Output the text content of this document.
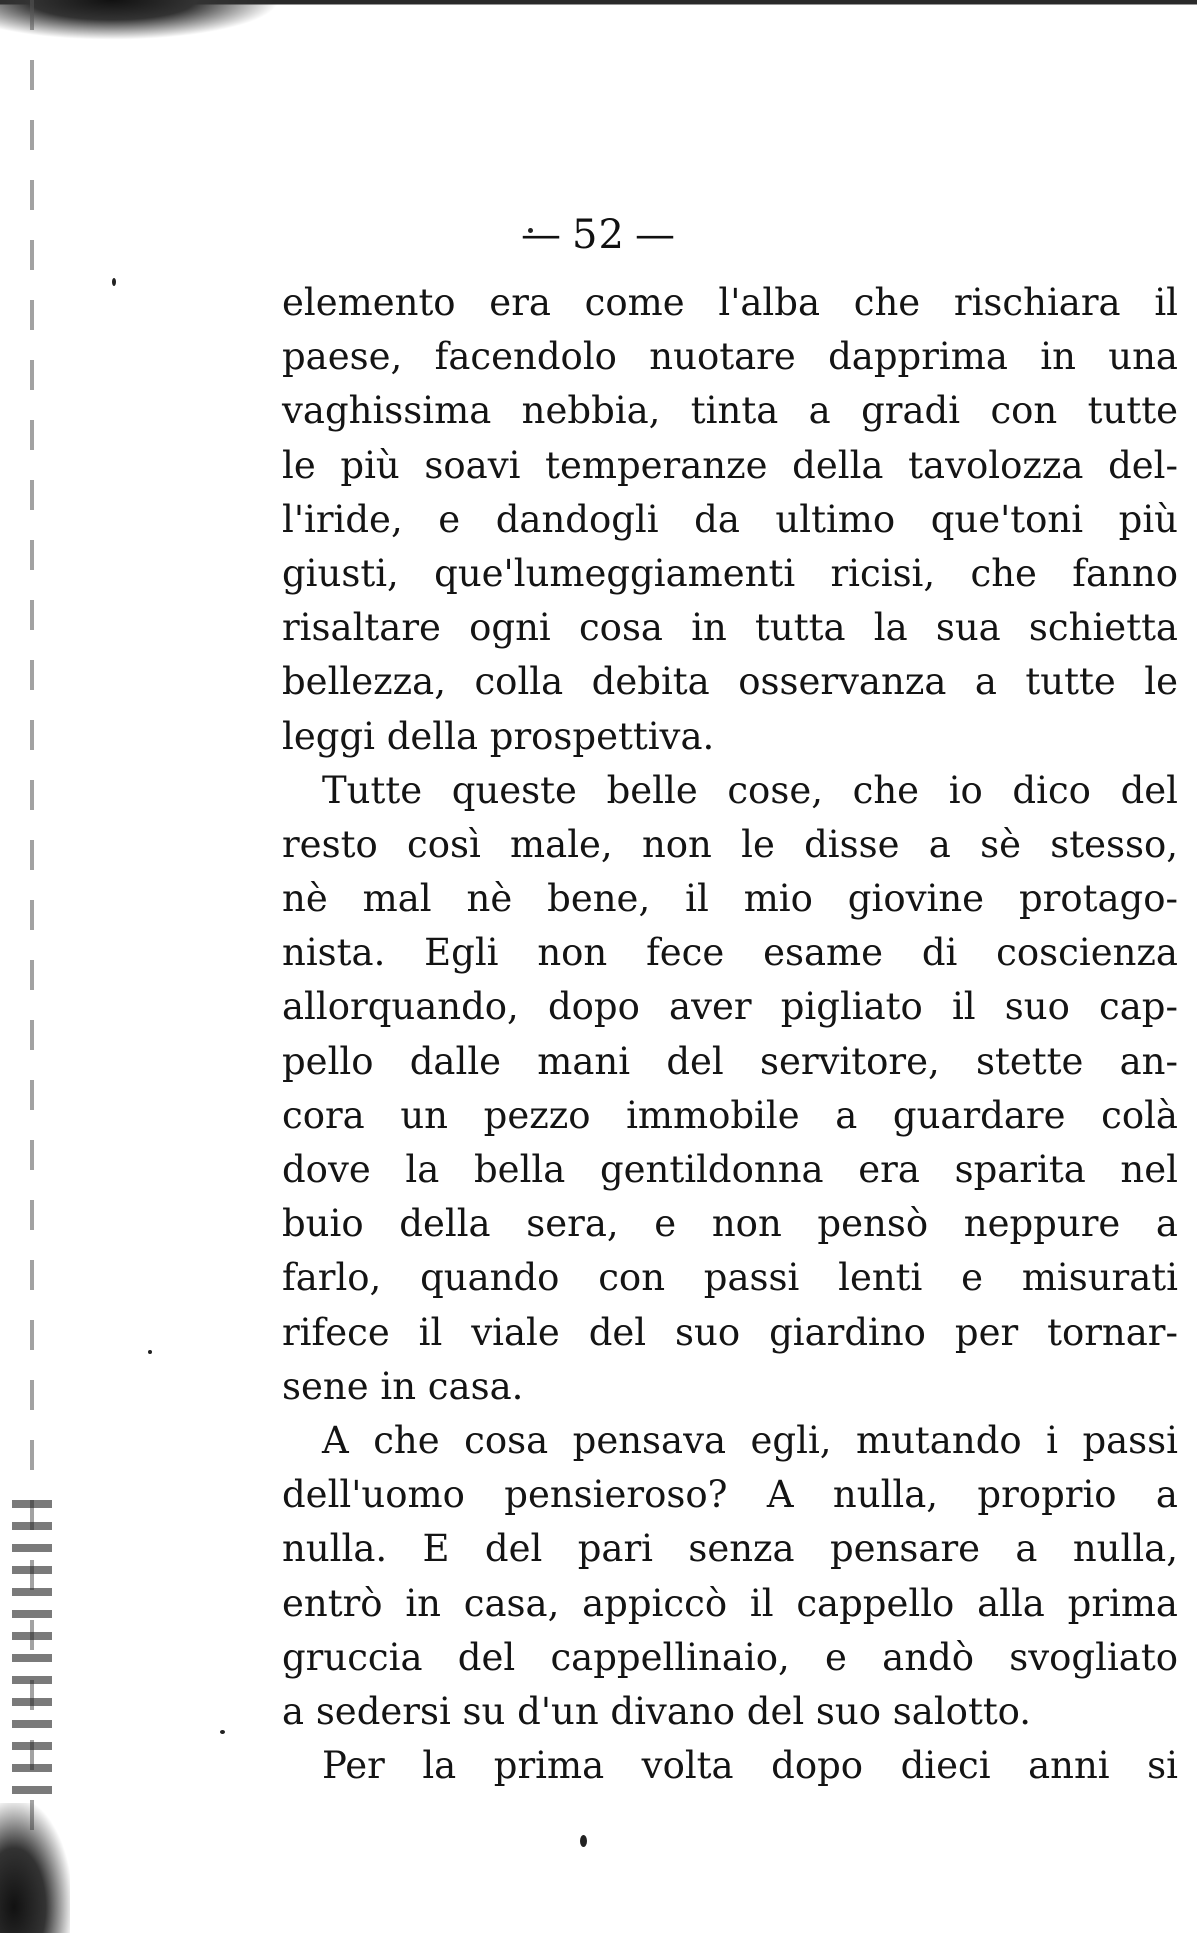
— 52 —
elemento era come l'alba che rischiara il
paese, facendolo nuotare dapprima in una
vaghissima nebbia, tinta a gradi con tutte
le più soavi temperanze della tavolozza del-
l'iride, e dandogli da ultimo que'toni più
giusti, que'lumeggiamenti ricisi, che fanno
risaltare ogni cosa in tutta la sua schietta
bellezza, colla debita osservanza a tutte le
leggi della prospettiva.
Tutte queste belle cose, che io dico del
resto così male, non le disse a sè stesso,
nè mal nè bene, il mio giovine protago-
nista. Egli non fece esame di coscienza
allorquando, dopo aver pigliato il suo cap-
pello dalle mani del servitore, stette an-
cora un pezzo immobile a guardare colà
dove la bella gentildonna era sparita nel
buio della sera, e non pensò neppure a
farlo, quando con passi lenti e misurati
rifece il viale del suo giardino per tornar-
sene in casa.
A che cosa pensava egli, mutando i passi
dell'uomo pensieroso? A nulla, proprio a
nulla. E del pari senza pensare a nulla,
entrò in casa, appiccò il cappello alla prima
gruccia del cappellinaio, e andò svogliato
a sedersi su d'un divano del suo salotto.
Per la prima volta dopo dieci anni si
